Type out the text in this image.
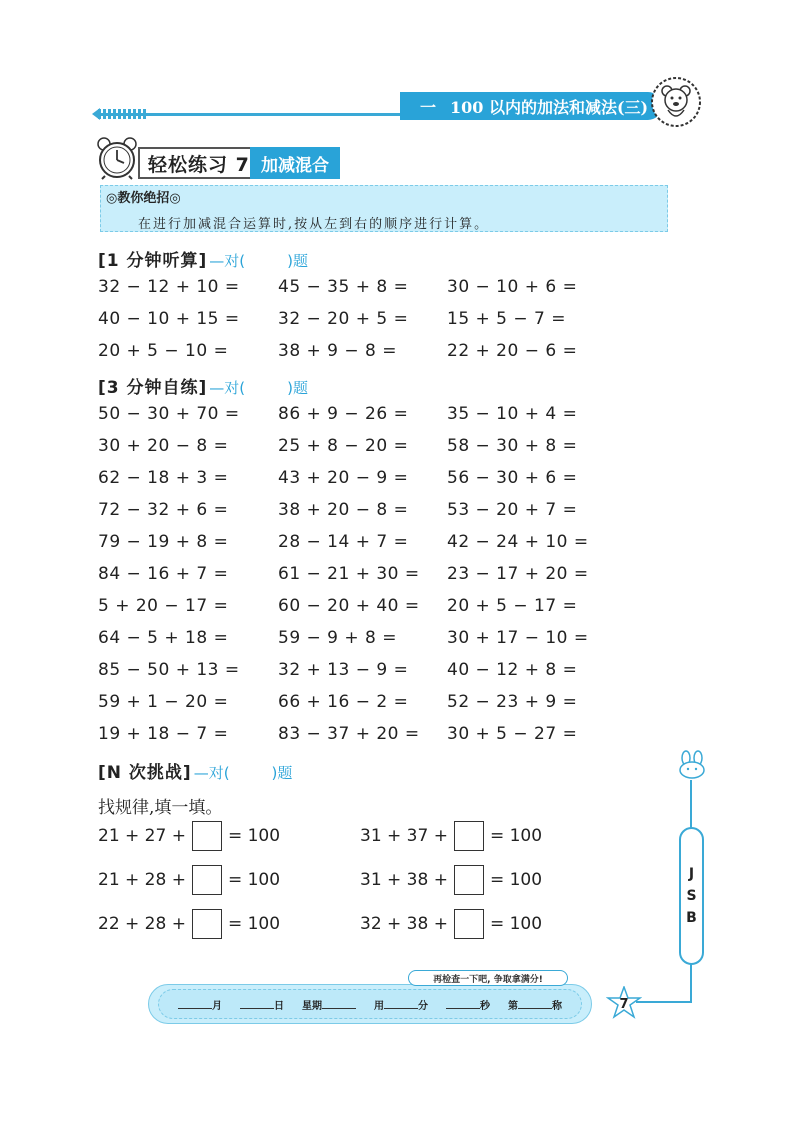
一 100 以内的加法和减法(三)
轻松练习 7 加减混合
◎教你绝招◎
在进行加减混合运算时,按从左到右的顺序进行计算。
[1 分钟听算] —对(	)题
32 − 12 + 10 = 45 − 35 + 8 = 30 − 10 + 6 =
40 − 10 + 15 = 32 − 20 + 5 = 15 + 5 − 7 =
20 + 5 − 10 =	38 + 9 − 8 =	22 + 20 − 6 =
[3 分钟自练] —对(	)题
50 − 30 + 70 = 86 + 9 − 26 = 35 − 10 + 4 =
30 + 20 − 8 =	25 + 8 − 20 = 58 − 30 + 8 =
62 − 18 + 3 =	43 + 20 − 9 = 56 − 30 + 6 =
72 − 32 + 6 =	38 + 20 − 8 = 53 − 20 + 7 =
79 − 19 + 8 =	28 − 14 + 7 = 42 − 24 + 10 =
84 − 16 + 7 =	61 − 21 + 30 = 23 − 17 + 20 =
5 + 20 − 17 =	60 − 20 + 40 = 20 + 5 − 17 =
64 − 5 + 18 =	59 − 9 + 8 =	30 + 17 − 10 =
85 − 50 + 13 = 32 + 13 − 9 = 40 − 12 + 8 =
59 + 1 − 20 =	66 + 16 − 2 = 52 − 23 + 9 =
19 + 18 − 7 =	83 − 37 + 20 = 30 + 5 − 27 =
[N 次挑战] —对(	)题
找规律,填一填。
21 + 27 + = 100	31 + 37 + = 100
21 + 28 + = 100	31 + 38 + = 100
22 + 28 + = 100	32 + 38 + = 100
J
S
B
月	日 星期	用	分	秒 第	称
再检查一下吧, 争取拿满分!
7
